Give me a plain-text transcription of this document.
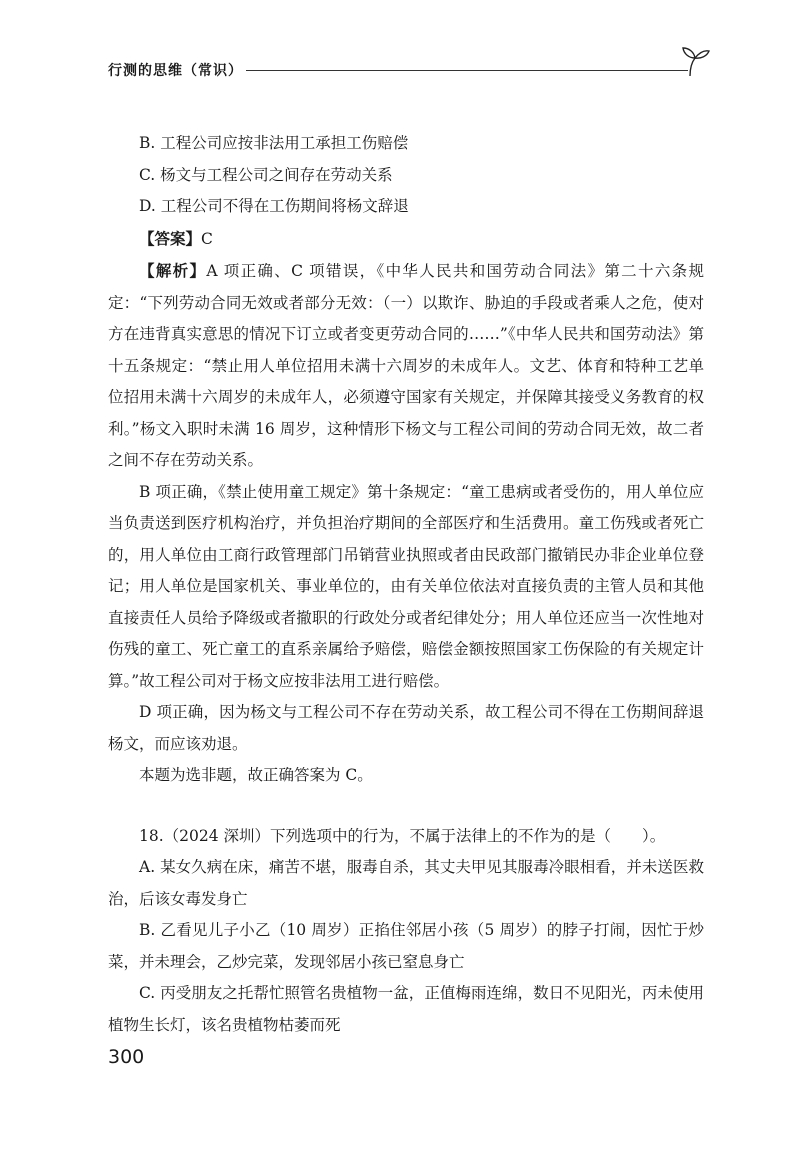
行测的思维（常识）

B. 工程公司应按非法用工承担工伤赔偿

C. 杨文与工程公司之间存在劳动关系

D. 工程公司不得在工伤期间将杨文辞退

【答案】C

【解析】A 项正确、C 项错误，《中华人民共和国劳动合同法》第二十六条规定：“下列劳动合同无效或者部分无效：（一）以欺诈、胁迫的手段或者乘人之危，使对方在违背真实意思的情况下订立或者变更劳动合同的……”《中华人民共和国劳动法》第十五条规定：“禁止用人单位招用未满十六周岁的未成年人。文艺、体育和特种工艺单位招用未满十六周岁的未成年人，必须遵守国家有关规定，并保障其接受义务教育的权利。”杨文入职时未满 16 周岁，这种情形下杨文与工程公司间的劳动合同无效，故二者之间不存在劳动关系。

B 项正确，《禁止使用童工规定》第十条规定：“童工患病或者受伤的，用人单位应当负责送到医疗机构治疗，并负担治疗期间的全部医疗和生活费用。童工伤残或者死亡的，用人单位由工商行政管理部门吊销营业执照或者由民政部门撤销民办非企业单位登记；用人单位是国家机关、事业单位的，由有关单位依法对直接负责的主管人员和其他直接责任人员给予降级或者撤职的行政处分或者纪律处分；用人单位还应当一次性地对伤残的童工、死亡童工的直系亲属给予赔偿，赔偿金额按照国家工伤保险的有关规定计算。”故工程公司对于杨文应按非法用工进行赔偿。

D 项正确，因为杨文与工程公司不存在劳动关系，故工程公司不得在工伤期间辞退杨文，而应该劝退。

本题为选非题，故正确答案为 C。

18.（2024 深圳）下列选项中的行为，不属于法律上的不作为的是（　　）。

A. 某女久病在床，痛苦不堪，服毒自杀，其丈夫甲见其服毒冷眼相看，并未送医救治，后该女毒发身亡

B. 乙看见儿子小乙（10 周岁）正掐住邻居小孩（5 周岁）的脖子打闹，因忙于炒菜，并未理会，乙炒完菜，发现邻居小孩已窒息身亡

C. 丙受朋友之托帮忙照管名贵植物一盆，正值梅雨连绵，数日不见阳光，丙未使用植物生长灯，该名贵植物枯萎而死

300
